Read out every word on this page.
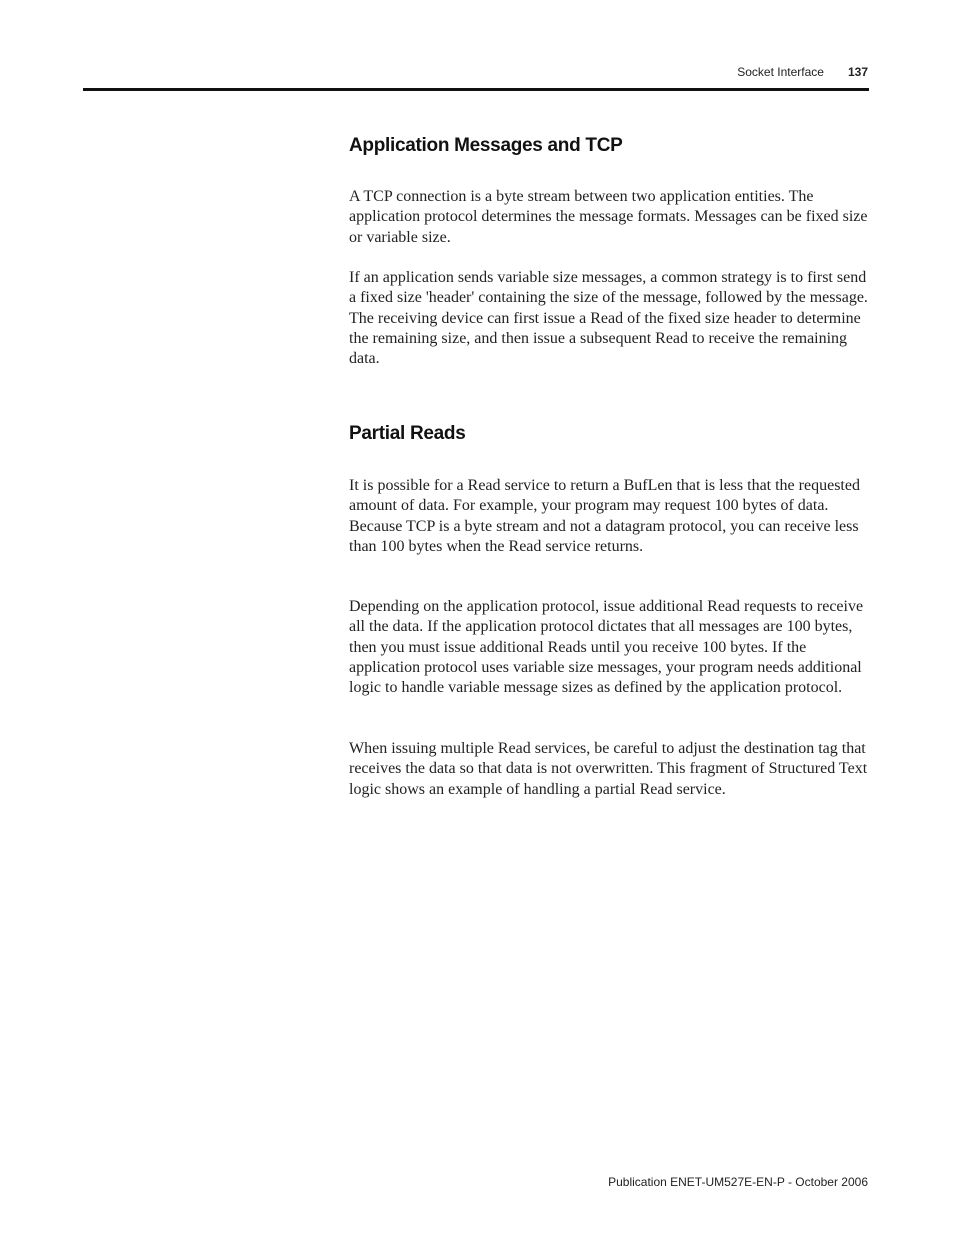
Socket Interface 137
Application Messages and TCP

A TCP connection is a byte stream between two application entities. The application protocol determines the message formats. Messages can be fixed size or variable size.

If an application sends variable size messages, a common strategy is to first send a fixed size 'header' containing the size of the message, followed by the message. The receiving device can first issue a Read of the fixed size header to determine the remaining size, and then issue a subsequent Read to receive the remaining data.

Partial Reads

It is possible for a Read service to return a BufLen that is less that the requested amount of data. For example, your program may request 100 bytes of data. Because TCP is a byte stream and not a datagram protocol, you can receive less than 100 bytes when the Read service returns.

Depending on the application protocol, issue additional Read requests to receive all the data. If the application protocol dictates that all messages are 100 bytes, then you must issue additional Reads until you receive 100 bytes. If the application protocol uses variable size messages, your program needs additional logic to handle variable message sizes as defined by the application protocol.

When issuing multiple Read services, be careful to adjust the destination tag that receives the data so that data is not overwritten. This fragment of Structured Text logic shows an example of handling a partial Read service.

Publication ENET-UM527E-EN-P - October 2006
